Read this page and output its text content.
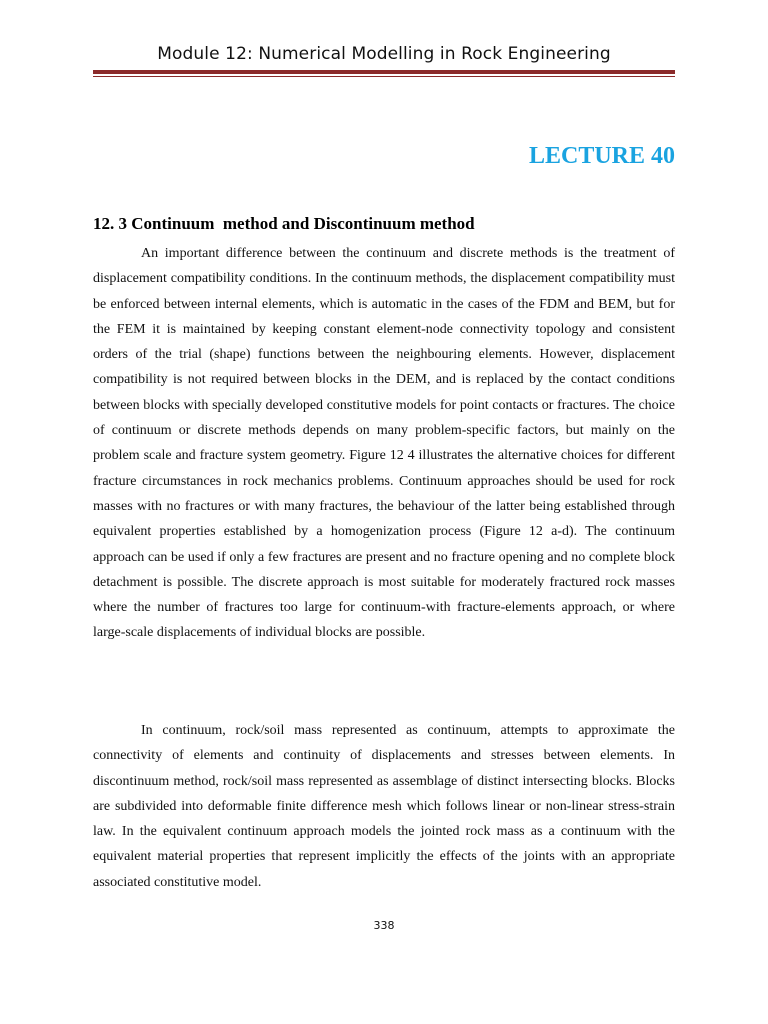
Module 12: Numerical Modelling in Rock Engineering
LECTURE 40
12. 3 Continuum  method and Discontinuum method

An important difference between the continuum and discrete methods is the treatment of displacement compatibility conditions. In the continuum methods, the displacement compatibility must be enforced between internal elements, which is automatic in the cases of the FDM and BEM, but for the FEM it is maintained by keeping constant element-node connectivity topology and consistent orders of the trial (shape) functions between the neighbouring elements. However, displacement compatibility is not required between blocks in the DEM, and is replaced by the contact conditions between blocks with specially developed constitutive models for point contacts or fractures. The choice of continuum or discrete methods depends on many problem-specific factors, but mainly on the problem scale and fracture system geometry. Figure 12 4 illustrates the alternative choices for different fracture circumstances in rock mechanics problems. Continuum approaches should be used for rock masses with no fractures or with many fractures, the behaviour of the latter being established through equivalent properties established by a homogenization process (Figure 12 a-d). The continuum approach can be used if only a few fractures are present and no fracture opening and no complete block detachment is possible. The discrete approach is most suitable for moderately fractured rock masses where the number of fractures too large for continuum-with fracture-elements approach, or where large-scale displacements of individual blocks are possible.

In continuum, rock/soil mass represented as continuum, attempts to approximate the connectivity of elements and continuity of displacements and stresses between elements. In discontinuum method, rock/soil mass represented as assemblage of distinct intersecting blocks. Blocks are subdivided into deformable finite difference mesh which follows linear or non-linear stress-strain law. In the equivalent continuum approach models the jointed rock mass as a continuum with the equivalent material properties that represent implicitly the effects of the joints with an appropriate associated constitutive model.

338
